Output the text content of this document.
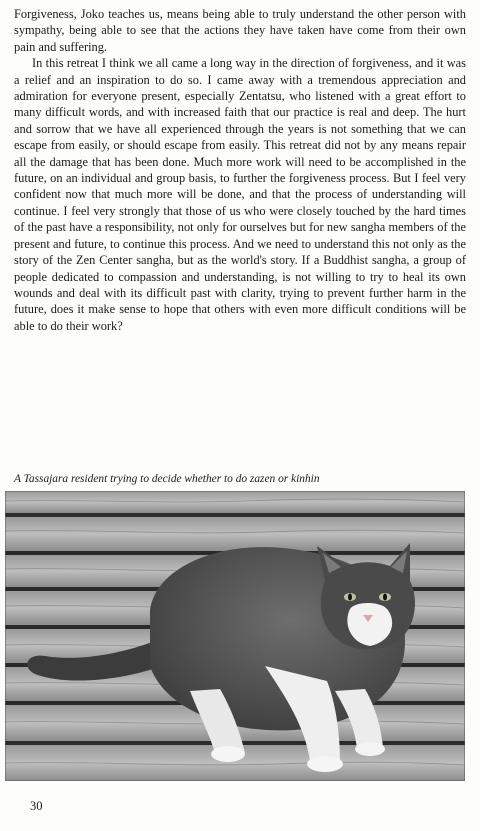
Forgiveness, Joko teaches us, means being able to truly understand the other person with sympathy, being able to see that the actions they have taken have come from their own pain and suffering.

In this retreat I think we all came a long way in the direction of forgiveness, and it was a relief and an inspiration to do so. I came away with a tremendous appreciation and admiration for everyone present, especially Zentatsu, who listened with a great effort to many difficult words, and with increased faith that our practice is real and deep. The hurt and sorrow that we have all experienced through the years is not something that we can escape from easily, or should escape from easily. This retreat did not by any means repair all the damage that has been done. Much more work will need to be accomplished in the future, on an individual and group basis, to further the forgiveness process. But I feel very confident now that much more will be done, and that the process of understanding will continue. I feel very strongly that those of us who were closely touched by the hard times of the past have a responsibility, not only for ourselves but for new sangha members of the present and future, to continue this process. And we need to understand this not only as the story of the Zen Center sangha, but as the world's story. If a Buddhist sangha, a group of people dedicated to compassion and understanding, is not willing to try to heal its own wounds and deal with its difficult past with clarity, trying to prevent further harm in the future, does it make sense to hope that others with even more difficult conditions will be able to do their work?

A Tassajara resident trying to decide whether to do zazen or kinhin
30
